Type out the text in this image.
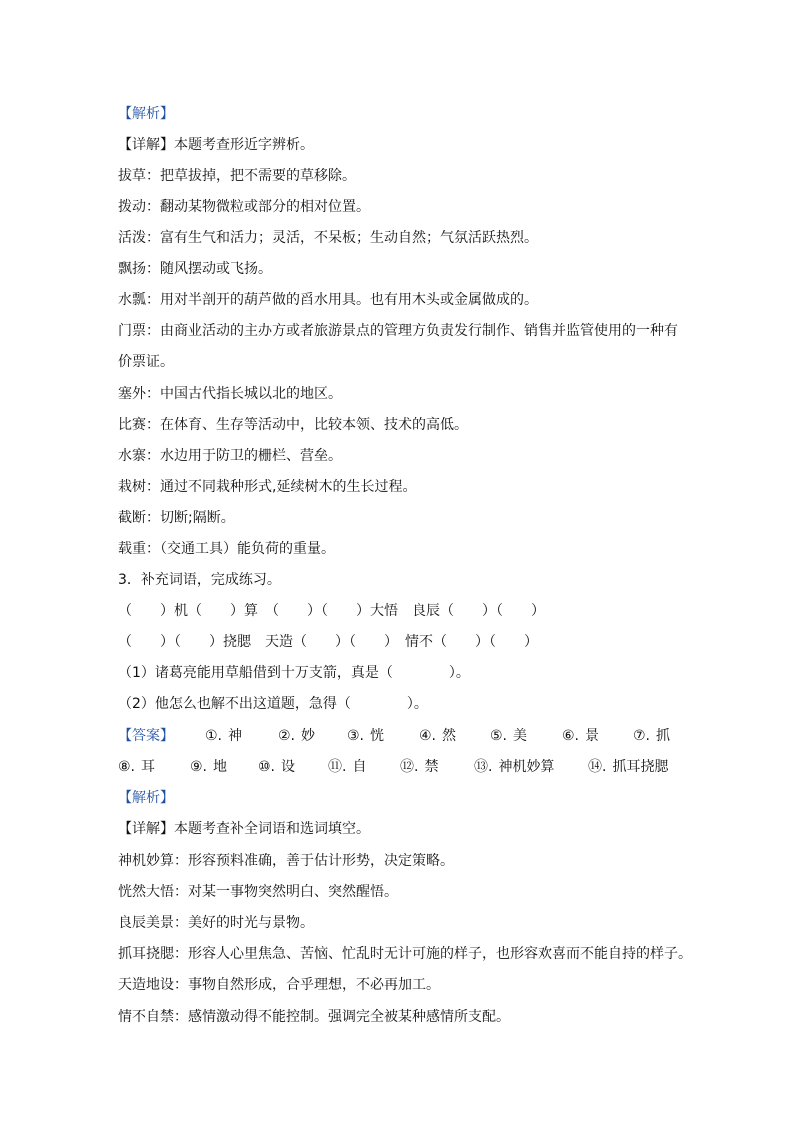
【解析】
【详解】本题考查形近字辨析。
拔草：把草拔掉，把不需要的草移除。
拨动：翻动某物微粒或部分的相对位置。
活泼：富有生气和活力；灵活，不呆板；生动自然；气氛活跃热烈。
飘扬：随风摆动或飞扬。
水瓢：用对半剖开的葫芦做的舀水用具。也有用木头或金属做成的。
门票：由商业活动的主办方或者旅游景点的管理方负责发行制作、销售并监管使用的一种有
价票证。
塞外：中国古代指长城以北的地区。
比赛：在体育、生存等活动中，比较本领、技术的高低。
水寨：水边用于防卫的栅栏、营垒。
栽树：通过不同栽种形式,延续树木的生长过程。
截断：切断;隔断。
载重：（交通工具）能负荷的重量。
3．补充词语，完成练习。
（　　）机（　　）算　（　　）（　　）大悟　良辰（　　）（　　）
（　　）（　　）挠腮　天造（　　）（　　）　情不（　　）（　　）
（1）诸葛亮能用草船借到十万支箭，真是（　　　　）。
（2）他怎么也解不出这道题，急得（　　　　）。
【答案】 ①. 神	②. 妙 ③. 恍 ④. 然 ⑤. 美 ⑥. 景 ⑦. 抓
⑧. 耳 ⑨. 地 ⑩. 设 ⑪. 自 ⑫. 禁	⑬. 神机妙算 ⑭. 抓耳挠腮
【解析】
【详解】本题考查补全词语和选词填空。
神机妙算：形容预料准确，善于估计形势，决定策略。
恍然大悟：对某一事物突然明白、突然醒悟。
良辰美景：美好的时光与景物。
抓耳挠腮：形容人心里焦急、苦恼、忙乱时无计可施的样子，也形容欢喜而不能自持的样子。
天造地设：事物自然形成，合乎理想，不必再加工。
情不自禁：感情激动得不能控制。强调完全被某种感情所支配。
